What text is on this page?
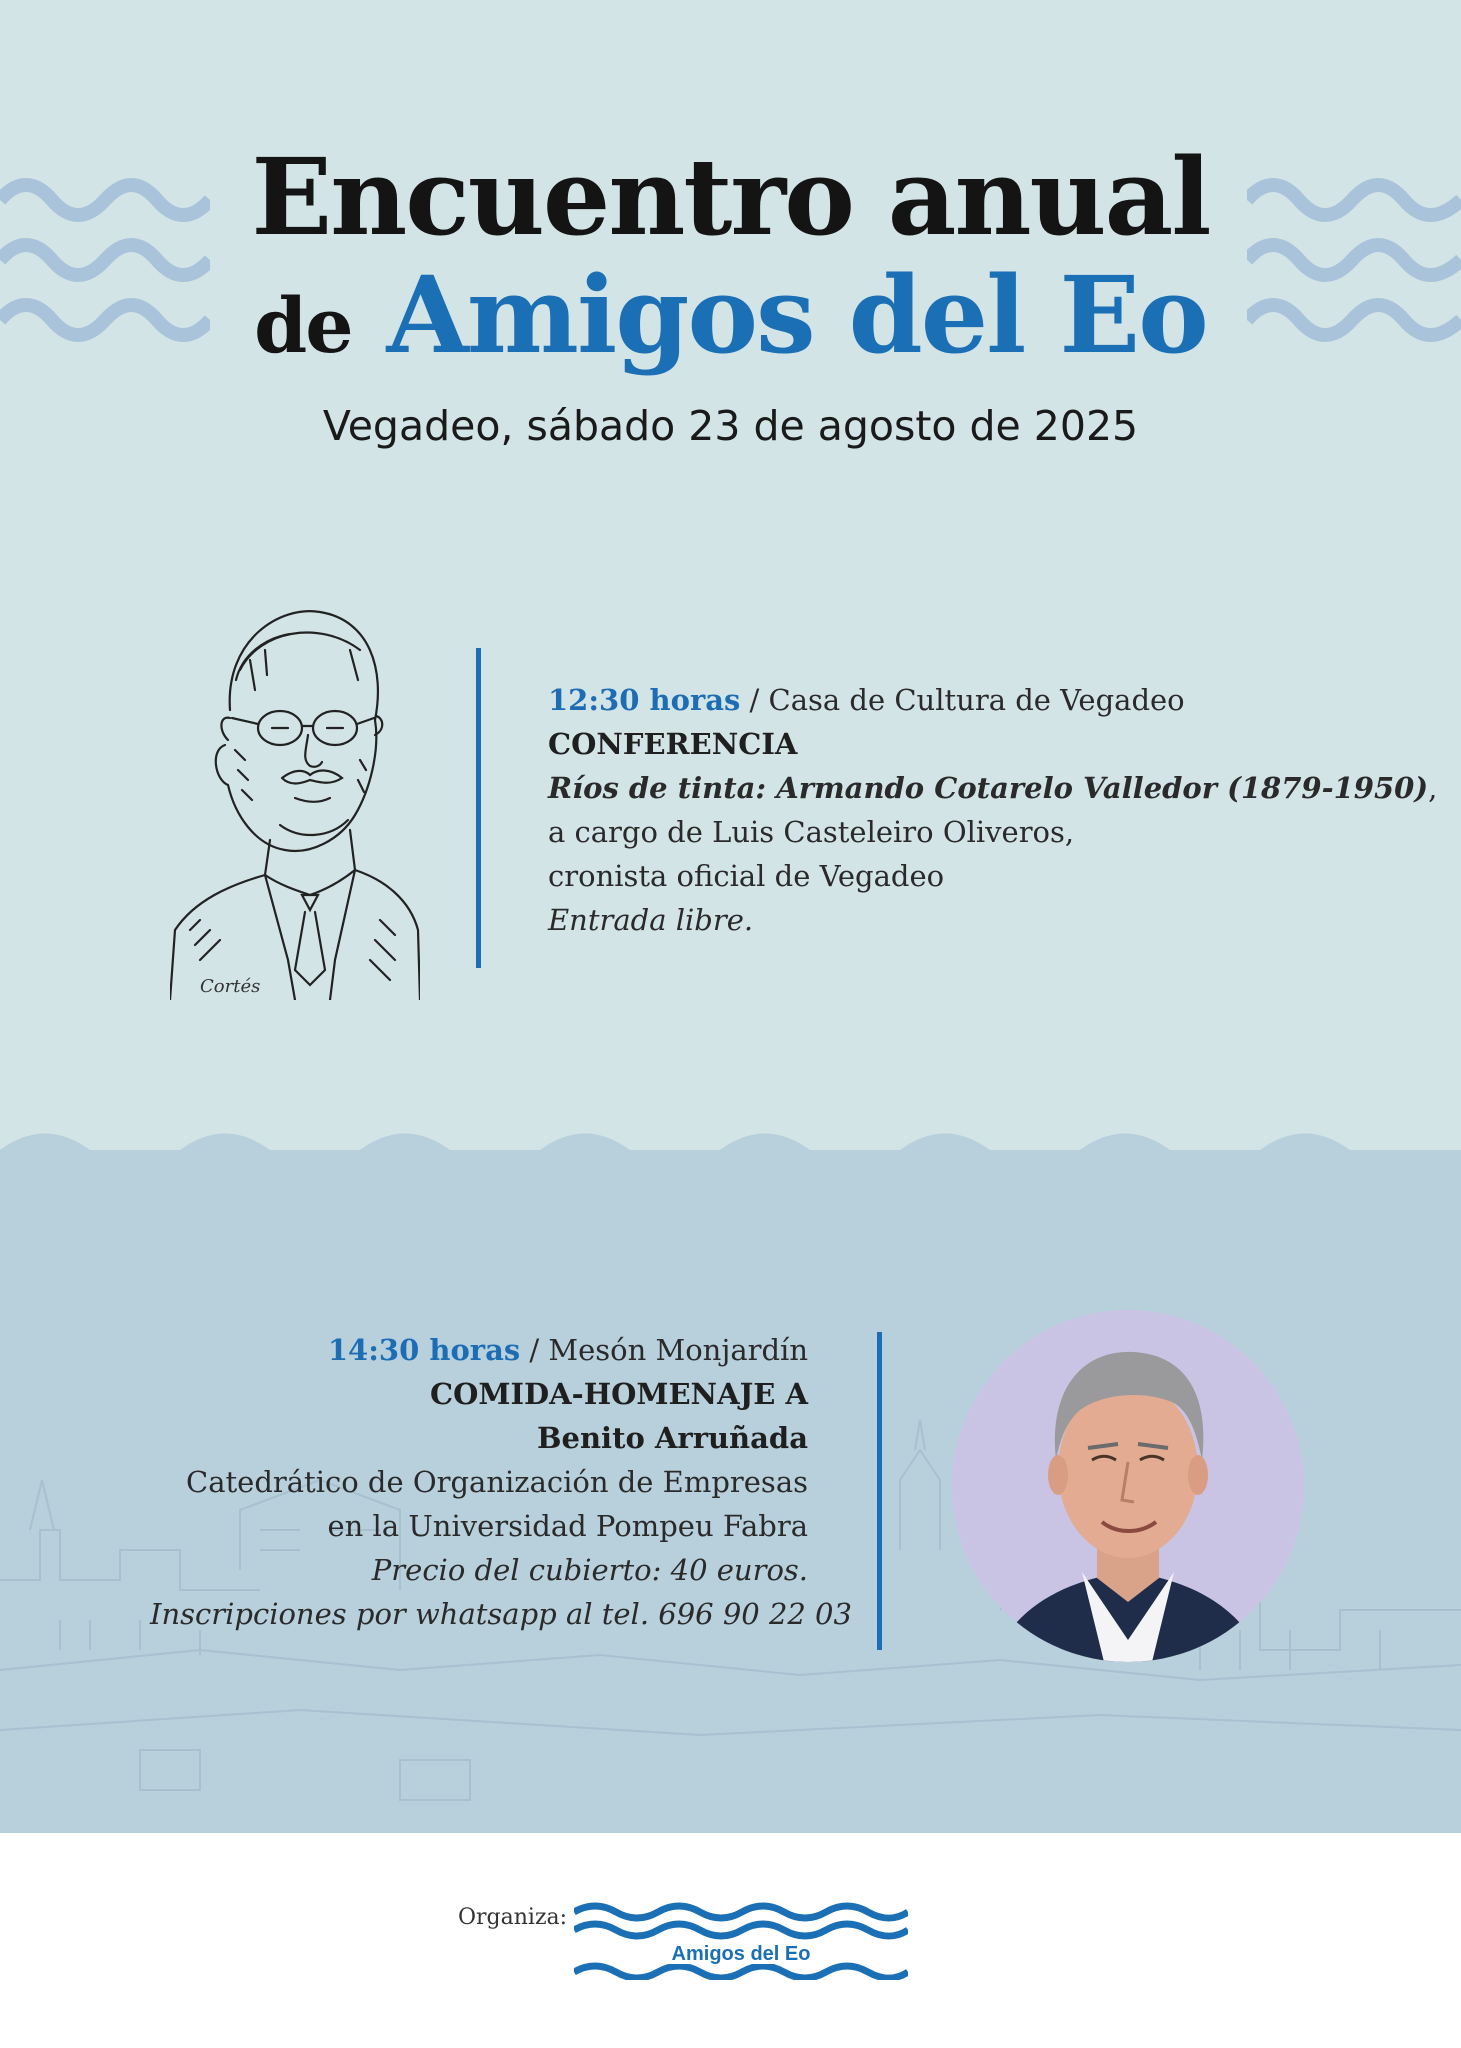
Encuentro anual
de Amigos del Eo

Vegadeo, sábado 23 de agosto de 2025

Cortés
12:30 horas / Casa de Cultura de Vegadeo
CONFERENCIA
Ríos de tinta: Armando Cotarelo Valledor (1879-1950),
a cargo de Luis Casteleiro Oliveros,
cronista oficial de Vegadeo
Entrada libre.
14:30 horas / Mesón Monjardín
COMIDA-HOMENAJE A
Benito Arruñada
Catedrático de Organización de Empresas
en la Universidad Pompeu Fabra
Precio del cubierto: 40 euros.
Inscripciones por whatsapp al tel. 696 90 22 03
Organiza:
Amigos del Eo
